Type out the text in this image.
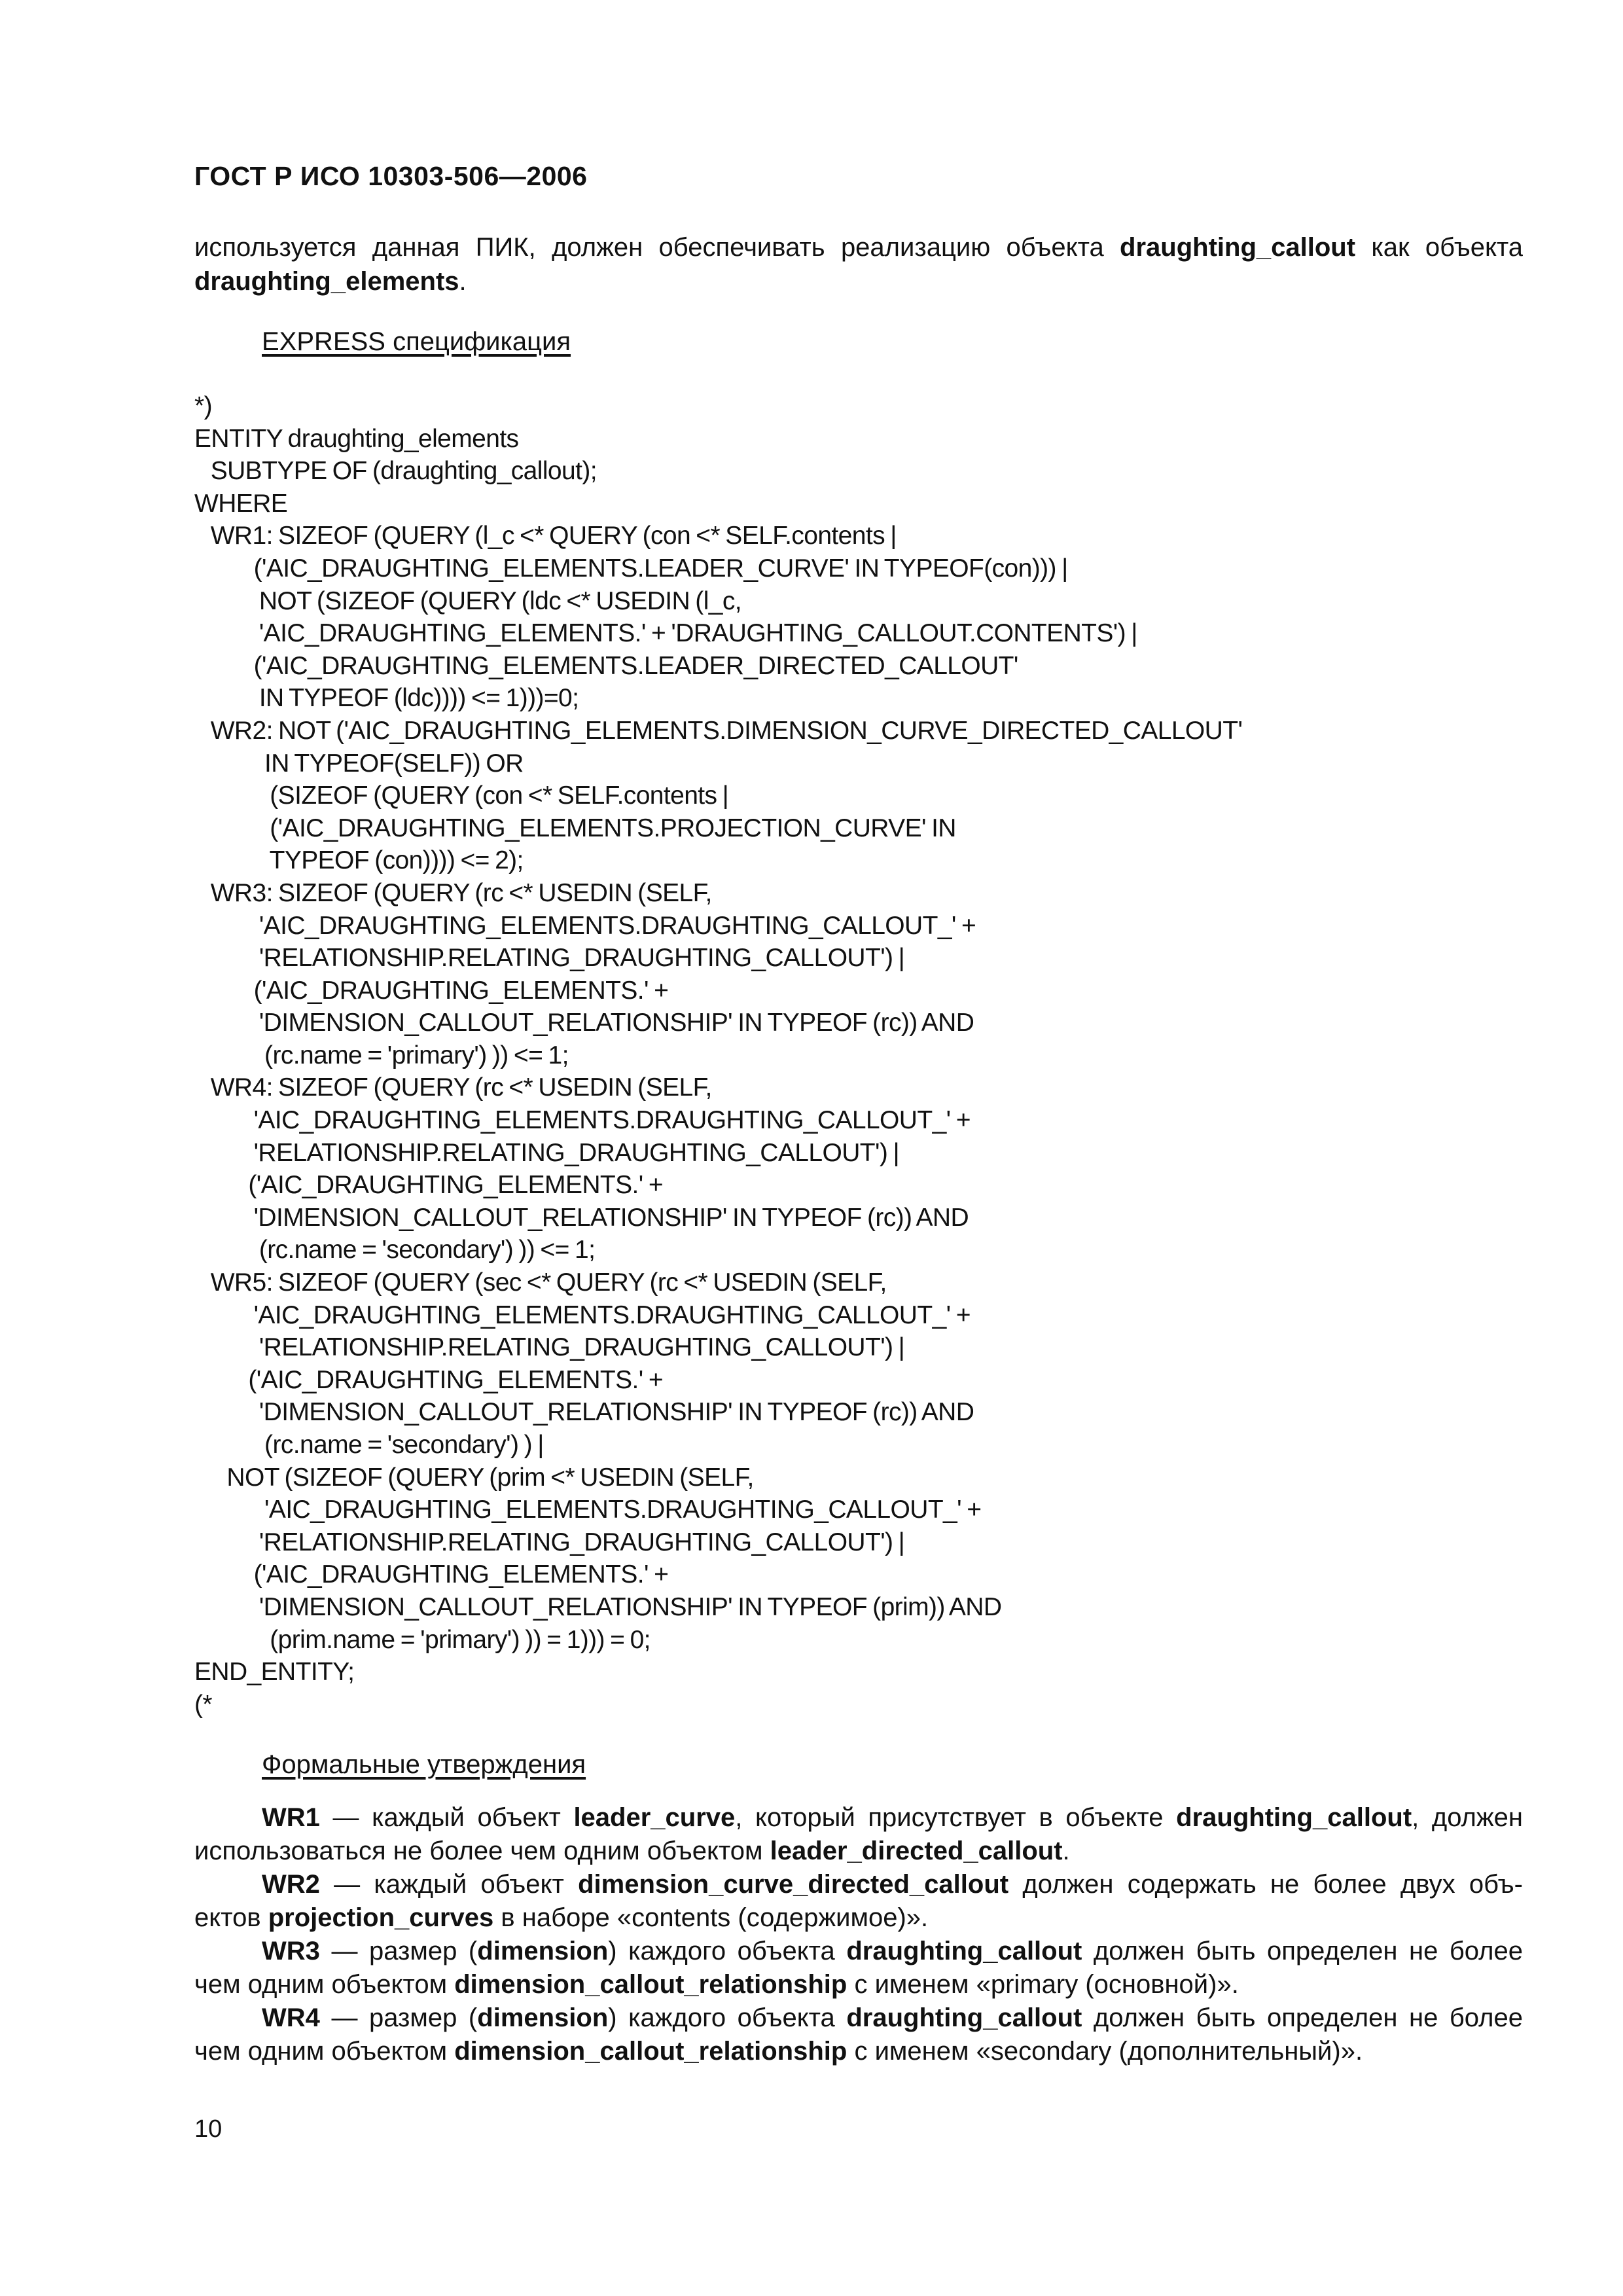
ГОСТ Р ИСО 10303-506—2006
используется данная ПИК, должен обеспечивать реализацию объекта draughting_callout как объекта draughting_elements.
EXPRESS спецификация
*)
ENTITY draughting_elements
SUBTYPE OF (draughting_callout);
WHERE
WR1: SIZEOF (QUERY (l_c <* QUERY (con <* SELF.contents |
('AIC_DRAUGHTING_ELEMENTS.LEADER_CURVE' IN TYPEOF(con))) |
NOT (SIZEOF (QUERY (ldc <* USEDIN (l_c,
'AIC_DRAUGHTING_ELEMENTS.' + 'DRAUGHTING_CALLOUT.CONTENTS') |
('AIC_DRAUGHTING_ELEMENTS.LEADER_DIRECTED_CALLOUT'
IN TYPEOF (ldc)))) <= 1)))=0;
WR2: NOT ('AIC_DRAUGHTING_ELEMENTS.DIMENSION_CURVE_DIRECTED_CALLOUT'
IN TYPEOF(SELF)) OR
(SIZEOF (QUERY (con <* SELF.contents |
('AIC_DRAUGHTING_ELEMENTS.PROJECTION_CURVE' IN
TYPEOF (con)))) <= 2);
WR3: SIZEOF (QUERY (rc <* USEDIN (SELF,
'AIC_DRAUGHTING_ELEMENTS.DRAUGHTING_CALLOUT_' +
'RELATIONSHIP.RELATING_DRAUGHTING_CALLOUT') |
('AIC_DRAUGHTING_ELEMENTS.' +
'DIMENSION_CALLOUT_RELATIONSHIP' IN TYPEOF (rc)) AND
(rc.name = 'primary') )) <= 1;
WR4: SIZEOF (QUERY (rc <* USEDIN (SELF,
'AIC_DRAUGHTING_ELEMENTS.DRAUGHTING_CALLOUT_' +
'RELATIONSHIP.RELATING_DRAUGHTING_CALLOUT') |
('AIC_DRAUGHTING_ELEMENTS.' +
'DIMENSION_CALLOUT_RELATIONSHIP' IN TYPEOF (rc)) AND
(rc.name = 'secondary') )) <= 1;
WR5: SIZEOF (QUERY (sec <* QUERY (rc <* USEDIN (SELF,
'AIC_DRAUGHTING_ELEMENTS.DRAUGHTING_CALLOUT_' +
'RELATIONSHIP.RELATING_DRAUGHTING_CALLOUT') |
('AIC_DRAUGHTING_ELEMENTS.' +
'DIMENSION_CALLOUT_RELATIONSHIP' IN TYPEOF (rc)) AND
(rc.name = 'secondary') ) |
NOT (SIZEOF (QUERY (prim <* USEDIN (SELF,
'AIC_DRAUGHTING_ELEMENTS.DRAUGHTING_CALLOUT_' +
'RELATIONSHIP.RELATING_DRAUGHTING_CALLOUT') |
('AIC_DRAUGHTING_ELEMENTS.' +
'DIMENSION_CALLOUT_RELATIONSHIP' IN TYPEOF (prim)) AND
(prim.name = 'primary') )) = 1))) = 0;
END_ENTITY;
(*
Формальные утверждения

WR1 — каждый объект leader_curve, который присутствует в объекте draughting_callout, должен использоваться не более чем одним объектом leader_directed_callout.

WR2 — каждый объект dimension_curve_directed_callout должен содержать не более двух объ-ектов projection_curves в наборе «contents (содержимое)».

WR3 — размер (dimension) каждого объекта draughting_callout должен быть определен не более чем одним объектом dimension_callout_relationship с именем «primary (основной)».

WR4 — размер (dimension) каждого объекта draughting_callout должен быть определен не более чем одним объектом dimension_callout_relationship с именем «secondary (дополнительный)».

10
